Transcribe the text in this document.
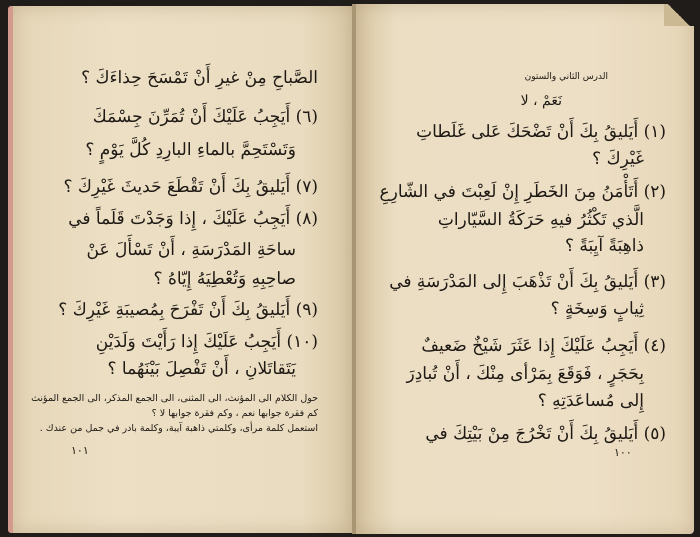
الصَّباحِ مِنْ غيرِ أَنْ تَمْسَحَ حِذاءَكَ ؟
(٦) أَيَجِبُ عَلَيْكَ أَنْ تُمَرِّنَ جِسْمَكَ
وَتَسْتَحِمَّ بالماءِ البارِدِ كُلَّ يَوْمٍ ؟
(٧) أَيَليقُ بِكَ أَنْ تَقْطَعَ حَديثَ غَيْرِكَ ؟
(٨) أَيَجِبُ عَلَيْكَ ، إِذا وَجَدْتَ قَلَماً في
ساحَةِ المَدْرَسَةِ ، أَنْ تَسْأَلَ عَنْ
صاحِبِهِ وَتُعْطِيَهُ إِيّاهُ ؟
(٩) أَيَليقُ بِكَ أَنْ تَفْرَحَ بِمُصيبَةِ غَيْرِكَ ؟
(١٠) أَيَجِبُ عَلَيْكَ إِذا رَأَيْتَ وَلَدَيْنِ
يَتَقاتَلانِ ، أَنْ تَفْصِلَ بَيْنَهُما ؟
حول الكلام الى المؤنث، الى المثنى، الى الجمع المذكر، الى الجمع المؤنث
كم فقرة جوابها نعم ، وكم فقرة جوابها لا ؟
استعمل كلمة مرأى، وكلمتي ذاهبة آيبة، وكلمة بادر في جمل من عندك .
١٠١
الدرس الثاني والستون
نَعَمْ ، لا
(١) أَيَليقُ بِكَ أَنْ تَضْحَكَ عَلى غَلَطاتِ
غَيْرِكَ ؟
(٢) أَتَأْمَنُ مِنَ الخَطَرِ إِنْ لَعِبْتَ في الشّارِعِ
الَّذي تَكْثُرُ فيهِ حَرَكَةُ السَّيّاراتِ
ذاهِبَةً آيِبَةً ؟
(٣) أَيَليقُ بِكَ أَنْ تَذْهَبَ إِلى المَدْرَسَةِ في
ثِيابٍ وَسِخَةٍ ؟
(٤) أَيَجِبُ عَلَيْكَ إِذا عَثَرَ شَيْخٌ ضَعيفٌ
بِحَجَرٍ ، فَوَقَعَ بِمَرْأى مِنْكَ ، أَنْ تُبادِرَ
إِلى مُساعَدَتِهِ ؟
(٥) أَيَليقُ بِكَ أَنْ تَخْرُجَ مِنْ بَيْتِكَ في
١٠٠
